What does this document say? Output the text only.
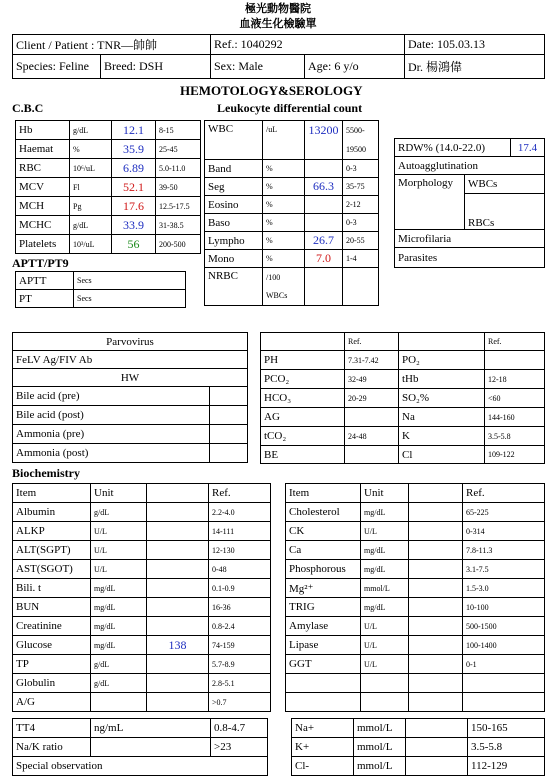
極光動物醫院
血液生化檢驗單
Client / Patient : TNR—帥帥		Ref.: 1040292		Date: 105.03.13
Species: Feline	Breed: DSH	Sex: Male	Age: 6 y/o	Dr. 楊鴻偉
HEMOTOLOGY&SEROLOGY
C.B.C	Leukocyte differential count
Hb	g/dL	12.1	8-15
Haemat	%	35.9	25-45
RBC	10⁶/uL	6.89	5.0-11.0
MCV	Fl	52.1	39-50
MCH	Pg	17.6	12.5-17.5
MCHC	g/dL	33.9	31-38.5
Platelets	10³/uL	56	200-500
WBC	/uL	13200	5500-
19500
Band	%		0-3
Seg	%	66.3	35-75
Eosino	%		2-12
Baso	%		0-3
Lympho	%	26.7	20-55
Mono	%	7.0	1-4
NRBC	/100
WBCs		
RDW% (14.0-22.0)	17.4
Autoagglutination
Morphology	WBCs
RBCs
Microfilaria
Parasites
APTT/PT9
APTT	Secs
PT	Secs
Parvovirus	
FeLV Ag/FIV Ab	
HW	
Bile acid (pre)	
Bile acid (post)	
Ammonia (pre)	
Ammonia (post)	
	Ref.		Ref.
PH	7.31-7.42	PO₂	
PCO₂	32-49	tHb	12-18
HCO₃	20-29	SO₂%	<60
AG		Na	144-160
tCO₂	24-48	K	3.5-5.8
BE		Cl	109-122
Biochemistry
Item	Unit		Ref.
Albumin	g/dL		2.2-4.0
ALKP	U/L		14-111
ALT(SGPT)	U/L		12-130
AST(SGOT)	U/L		0-48
Bili. t	mg/dL		0.1-0.9
BUN	mg/dL		16-36
Creatinine	mg/dL		0.8-2.4
Glucose	mg/dL	138	74-159
TP	g/dL		5.7-8.9
Globulin	g/dL		2.8-5.1
A/G			>0.7
Item	Unit		Ref.
Cholesterol	mg/dL		65-225
CK	U/L		0-314
Ca	mg/dL		7.8-11.3
Phosphorous	mg/dL		3.1-7.5
Mg²⁺	mmol/L		1.5-3.0
TRIG	mg/dL		10-100
Amylase	U/L		500-1500
Lipase	U/L		100-1400
GGT	U/L		0-1

TT4	ng/mL	0.8-4.7
Na/K ratio		>23
Special observation		
Na+	mmol/L		150-165
K+	mmol/L		3.5-5.8
Cl-	mmol/L		112-129
